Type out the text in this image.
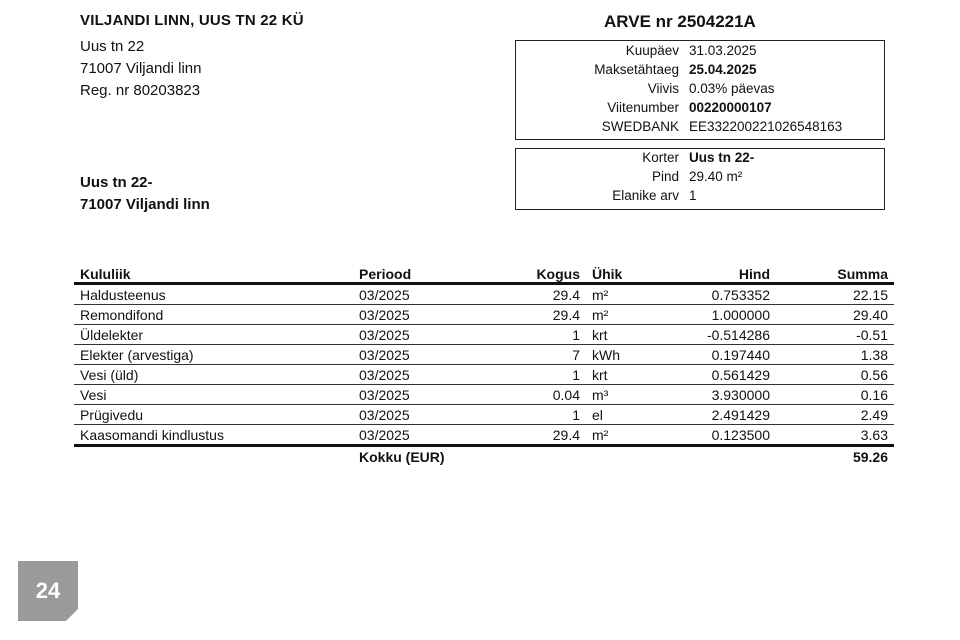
VILJANDI LINN, UUS TN 22 KÜ
Uus tn 22
71007 Viljandi linn
Reg. nr 80203823
Uus tn 22-
71007 Viljandi linn
ARVE nr 2504221A
Kuupäev 31.03.2025
Maksetähtaeg 25.04.2025
Viivis 0.03% päevas
Viitenumber 00220000107
SWEDBANK EE332200221026548163
Korter Uus tn 22-
Pind 29.40 m²
Elanike arv 1
Kululiik	Periood	Kogus	Ühik	Hind	Summa
Haldusteenus	03/2025	29.4	m²	0.753352	22.15
Remondifond	03/2025	29.4	m²	1.000000	29.40
Üldelekter	03/2025	1	krt	-0.514286	-0.51
Elekter (arvestiga)	03/2025	7	kWh	0.197440	1.38
Vesi (üld)	03/2025	1	krt	0.561429	0.56
Vesi	03/2025	0.04	m³	3.930000	0.16
Prügivedu	03/2025	1	el	2.491429	2.49
Kaasomandi kindlustus	03/2025	29.4	m²	0.123500	3.63
	Kokku (EUR)				59.26
24
